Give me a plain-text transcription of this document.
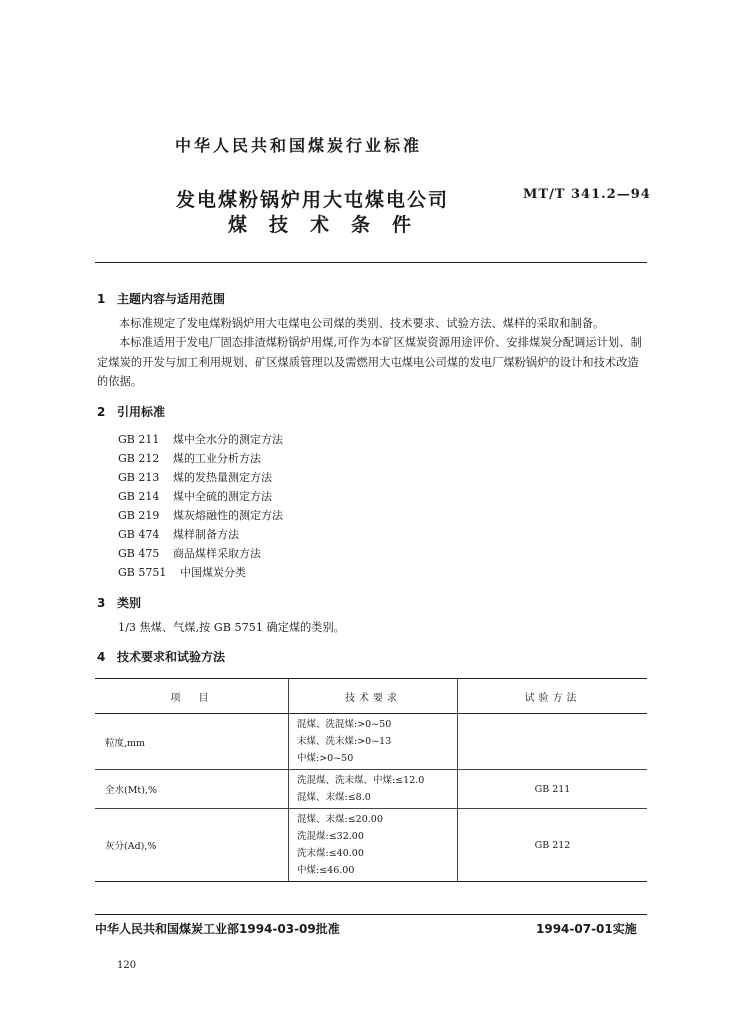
中华人民共和国煤炭行业标准
发电煤粉锅炉用大屯煤电公司
煤技术条件
MT/T 341.2—94
1 主题内容与适用范围
本标准规定了发电煤粉锅炉用大屯煤电公司煤的类别、技术要求、试验方法、煤样的采取和制备。
本标准适用于发电厂固态排渣煤粉锅炉用煤,可作为本矿区煤炭资源用途评价、安排煤炭分配调运计划、制定煤炭的开发与加工利用规划、矿区煤质管理以及需燃用大屯煤电公司煤的发电厂煤粉锅炉的设计和技术改造的依据。
2 引用标准
GB 211 煤中全水分的测定方法
GB 212 煤的工业分析方法
GB 213 煤的发热量测定方法
GB 214 煤中全硫的测定方法
GB 219 煤灰熔融性的测定方法
GB 474 煤样制备方法
GB 475 商品煤样采取方法
GB 5751 中国煤炭分类
3 类别
1/3 焦煤、气煤,按 GB 5751 确定煤的类别。
4 技术要求和试验方法
项　目	技术要求	试验方法
粒度,mm	混煤、洗混煤:>0~50
末煤、洗末煤:>0~13
中煤:>0~50	

全水(Mt),%	洗混煤、洗末煤、中煤:≤12.0
混煤、末煤:≤8.0	GB 211
灰分(Ad),%	混煤、末煤:≤20.00
洗混煤:≤32.00
洗末煤:≤40.00
中煤:≤46.00	GB 212
中华人民共和国煤炭工业部1994-03-09批准	1994-07-01实施
120
